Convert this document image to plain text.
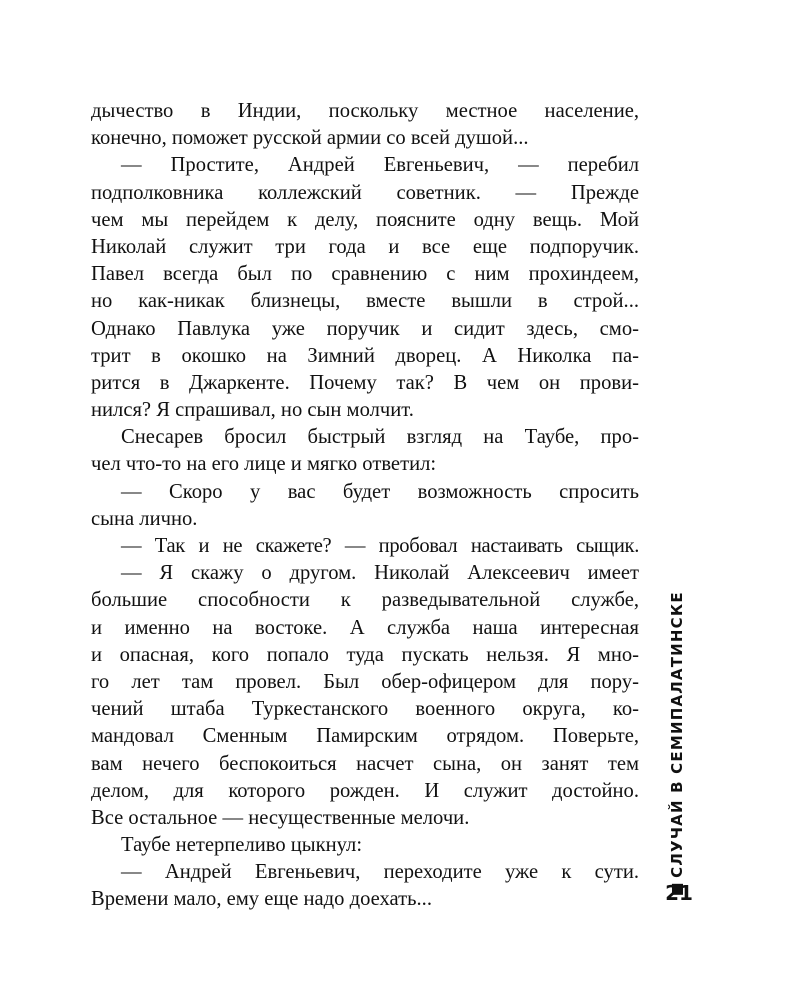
дычество в Индии, поскольку местное население,
конечно, поможет русской армии со всей душой...
— Простите, Андрей Евгеньевич, — перебил
подполковника коллежский советник. — Прежде
чем мы перейдем к делу, поясните одну вещь. Мой
Николай служит три года и все еще подпоручик.
Павел всегда был по сравнению с ним прохиндеем,
но как-никак близнецы, вместе вышли в строй...
Однако Павлука уже поручик и сидит здесь, смо-
трит в окошко на Зимний дворец. А Николка па-
рится в Джаркенте. Почему так? В чем он прови-
нился? Я спрашивал, но сын молчит.
Снесарев бросил быстрый взгляд на Таубе, про-
чел что-то на его лице и мягко ответил:
— Скоро у вас будет возможность спросить
сына лично.
— Так и не скажете? — пробовал настаивать сыщик.
— Я скажу о другом. Николай Алексеевич имеет
большие способности к разведывательной службе,
и именно на востоке. А служба наша интересная
и опасная, кого попало туда пускать нельзя. Я мно-
го лет там провел. Был обер-офицером для пору-
чений штаба Туркестанского военного округа, ко-
мандовал Сменным Памирским отрядом. Поверьте,
вам нечего беспокоиться насчет сына, он занят тем
делом, для которого рожден. И служит достойно.
Все остальное — несущественные мелочи.
Таубе нетерпеливо цыкнул:
— Андрей Евгеньевич, переходите уже к сути.
Времени мало, ему еще надо доехать...
СЛУЧАЙ В СЕМИПАЛАТИНСКЕ
21
